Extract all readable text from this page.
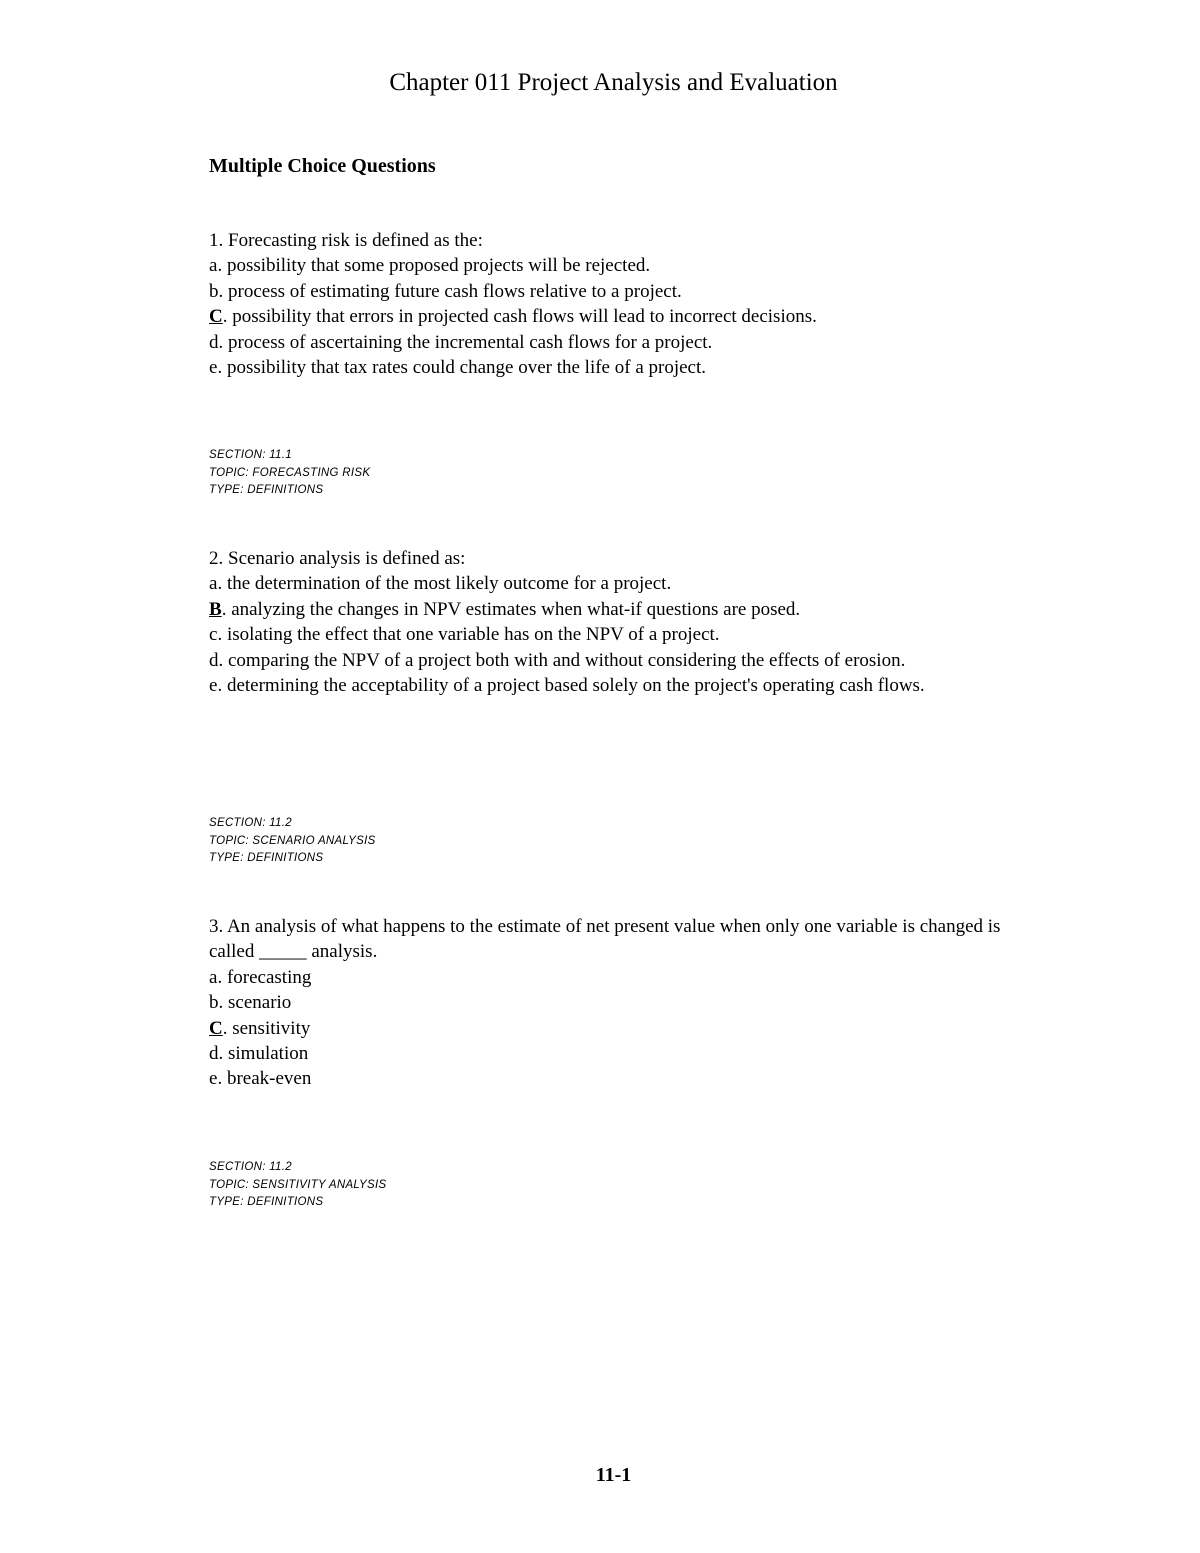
Chapter 011 Project Analysis and Evaluation
Multiple Choice Questions
1. Forecasting risk is defined as the:
a. possibility that some proposed projects will be rejected.
b. process of estimating future cash flows relative to a project.
C. possibility that errors in projected cash flows will lead to incorrect decisions.
d. process of ascertaining the incremental cash flows for a project.
e. possibility that tax rates could change over the life of a project.
SECTION: 11.1
TOPIC: FORECASTING RISK
TYPE: DEFINITIONS
2. Scenario analysis is defined as:
a. the determination of the most likely outcome for a project.
B. analyzing the changes in NPV estimates when what-if questions are posed.
c. isolating the effect that one variable has on the NPV of a project.
d. comparing the NPV of a project both with and without considering the effects of erosion.
e. determining the acceptability of a project based solely on the project's operating cash flows.
SECTION: 11.2
TOPIC: SCENARIO ANALYSIS
TYPE: DEFINITIONS
3. An analysis of what happens to the estimate of net present value when only one variable is changed is called _____ analysis.
a. forecasting
b. scenario
C. sensitivity
d. simulation
e. break-even
SECTION: 11.2
TOPIC: SENSITIVITY ANALYSIS
TYPE: DEFINITIONS
11-1
